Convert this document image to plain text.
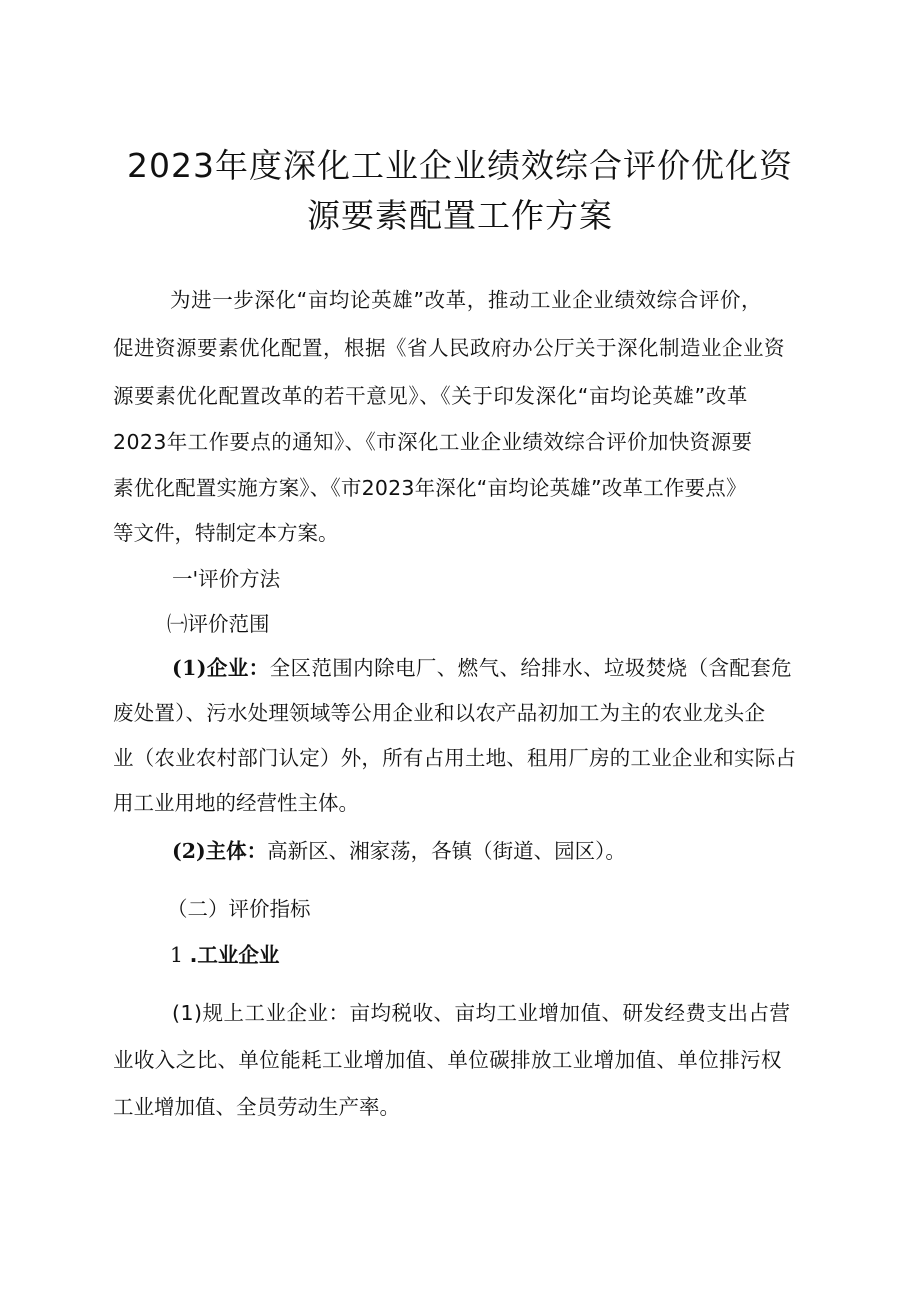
2023年度深化工业企业绩效综合评价优化资
源要素配置工作方案
为进一步深化“亩均论英雄”改革，推动工业企业绩效综合评价，
促进资源要素优化配置，根据《省人民政府办公厅关于深化制造业企业资
源要素优化配置改革的若干意见》、《关于印发深化“亩均论英雄”改革
2023年工作要点的通知》、《市深化工业企业绩效综合评价加快资源要
素优化配置实施方案》、《市2023年深化“亩均论英雄”改革工作要点》
等文件，特制定本方案。
一'评价方法
㈠评价范围
(1)企业：全区范围内除电厂、燃气、给排水、垃圾焚烧（含配套危
废处置）、污水处理领域等公用企业和以农产品初加工为主的农业龙头企
业（农业农村部门认定）外，所有占用土地、租用厂房的工业企业和实际占
用工业用地的经营性主体。
(2)主体：高新区、湘家荡，各镇（街道、园区）。
（二）评价指标
1 .工业企业
(1)规上工业企业：亩均税收、亩均工业增加值、研发经费支出占营
业收入之比、单位能耗工业增加值、单位碳排放工业增加值、单位排污权
工业增加值、全员劳动生产率。
